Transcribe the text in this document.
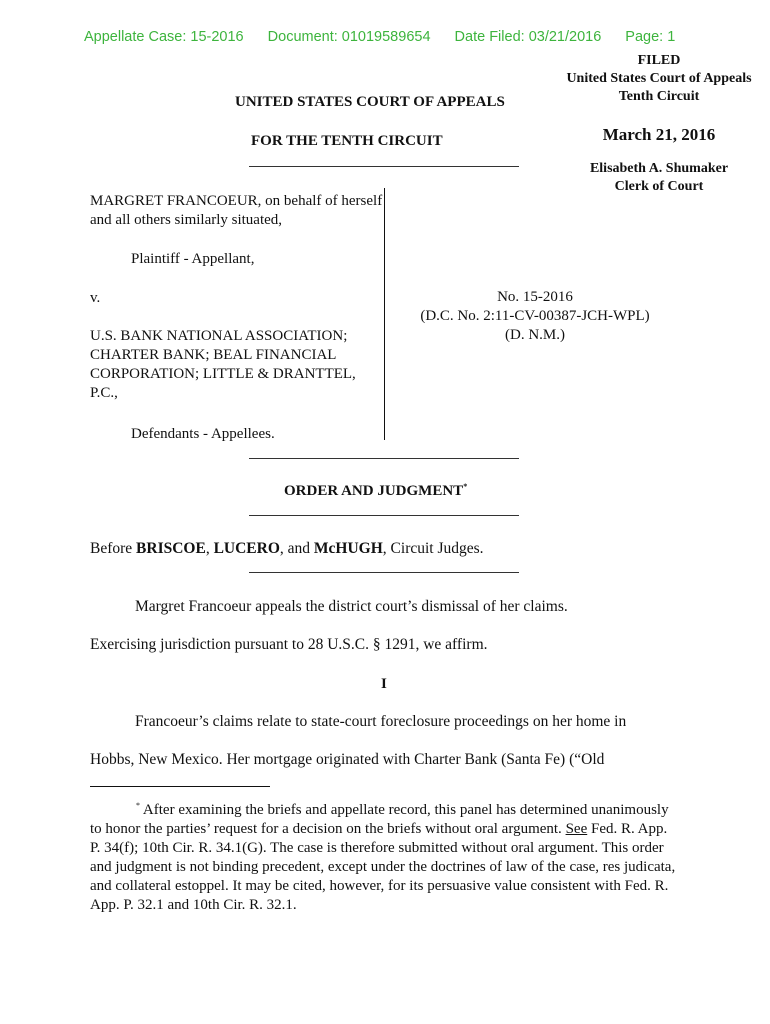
Appellate Case: 15-2016 Document: 01019589654 Date Filed: 03/21/2016 Page: 1
FILED
United States Court of Appeals
Tenth Circuit
March 21, 2016
Elisabeth A. Shumaker
Clerk of Court
UNITED STATES COURT OF APPEALS
FOR THE TENTH CIRCUIT
MARGRET FRANCOEUR, on behalf of herself and all others similarly situated,
Plaintiff - Appellant,
v.
U.S. BANK NATIONAL ASSOCIATION; CHARTER BANK; BEAL FINANCIAL CORPORATION; LITTLE & DRANTTEL, P.C.,
Defendants - Appellees.
No. 15-2016
(D.C. No. 2:11-CV-00387-JCH-WPL)
(D. N.M.)
ORDER AND JUDGMENT*
Before BRISCOE, LUCERO, and McHUGH, Circuit Judges.
Margret Francoeur appeals the district court’s dismissal of her claims.
Exercising jurisdiction pursuant to 28 U.S.C. § 1291, we affirm.
I
Francoeur’s claims relate to state-court foreclosure proceedings on her home in
Hobbs, New Mexico. Her mortgage originated with Charter Bank (Santa Fe) (“Old
* After examining the briefs and appellate record, this panel has determined unanimously to honor the parties’ request for a decision on the briefs without oral argument. See Fed. R. App. P. 34(f); 10th Cir. R. 34.1(G). The case is therefore submitted without oral argument. This order and judgment is not binding precedent, except under the doctrines of law of the case, res judicata, and collateral estoppel. It may be cited, however, for its persuasive value consistent with Fed. R. App. P. 32.1 and 10th Cir. R. 32.1.
